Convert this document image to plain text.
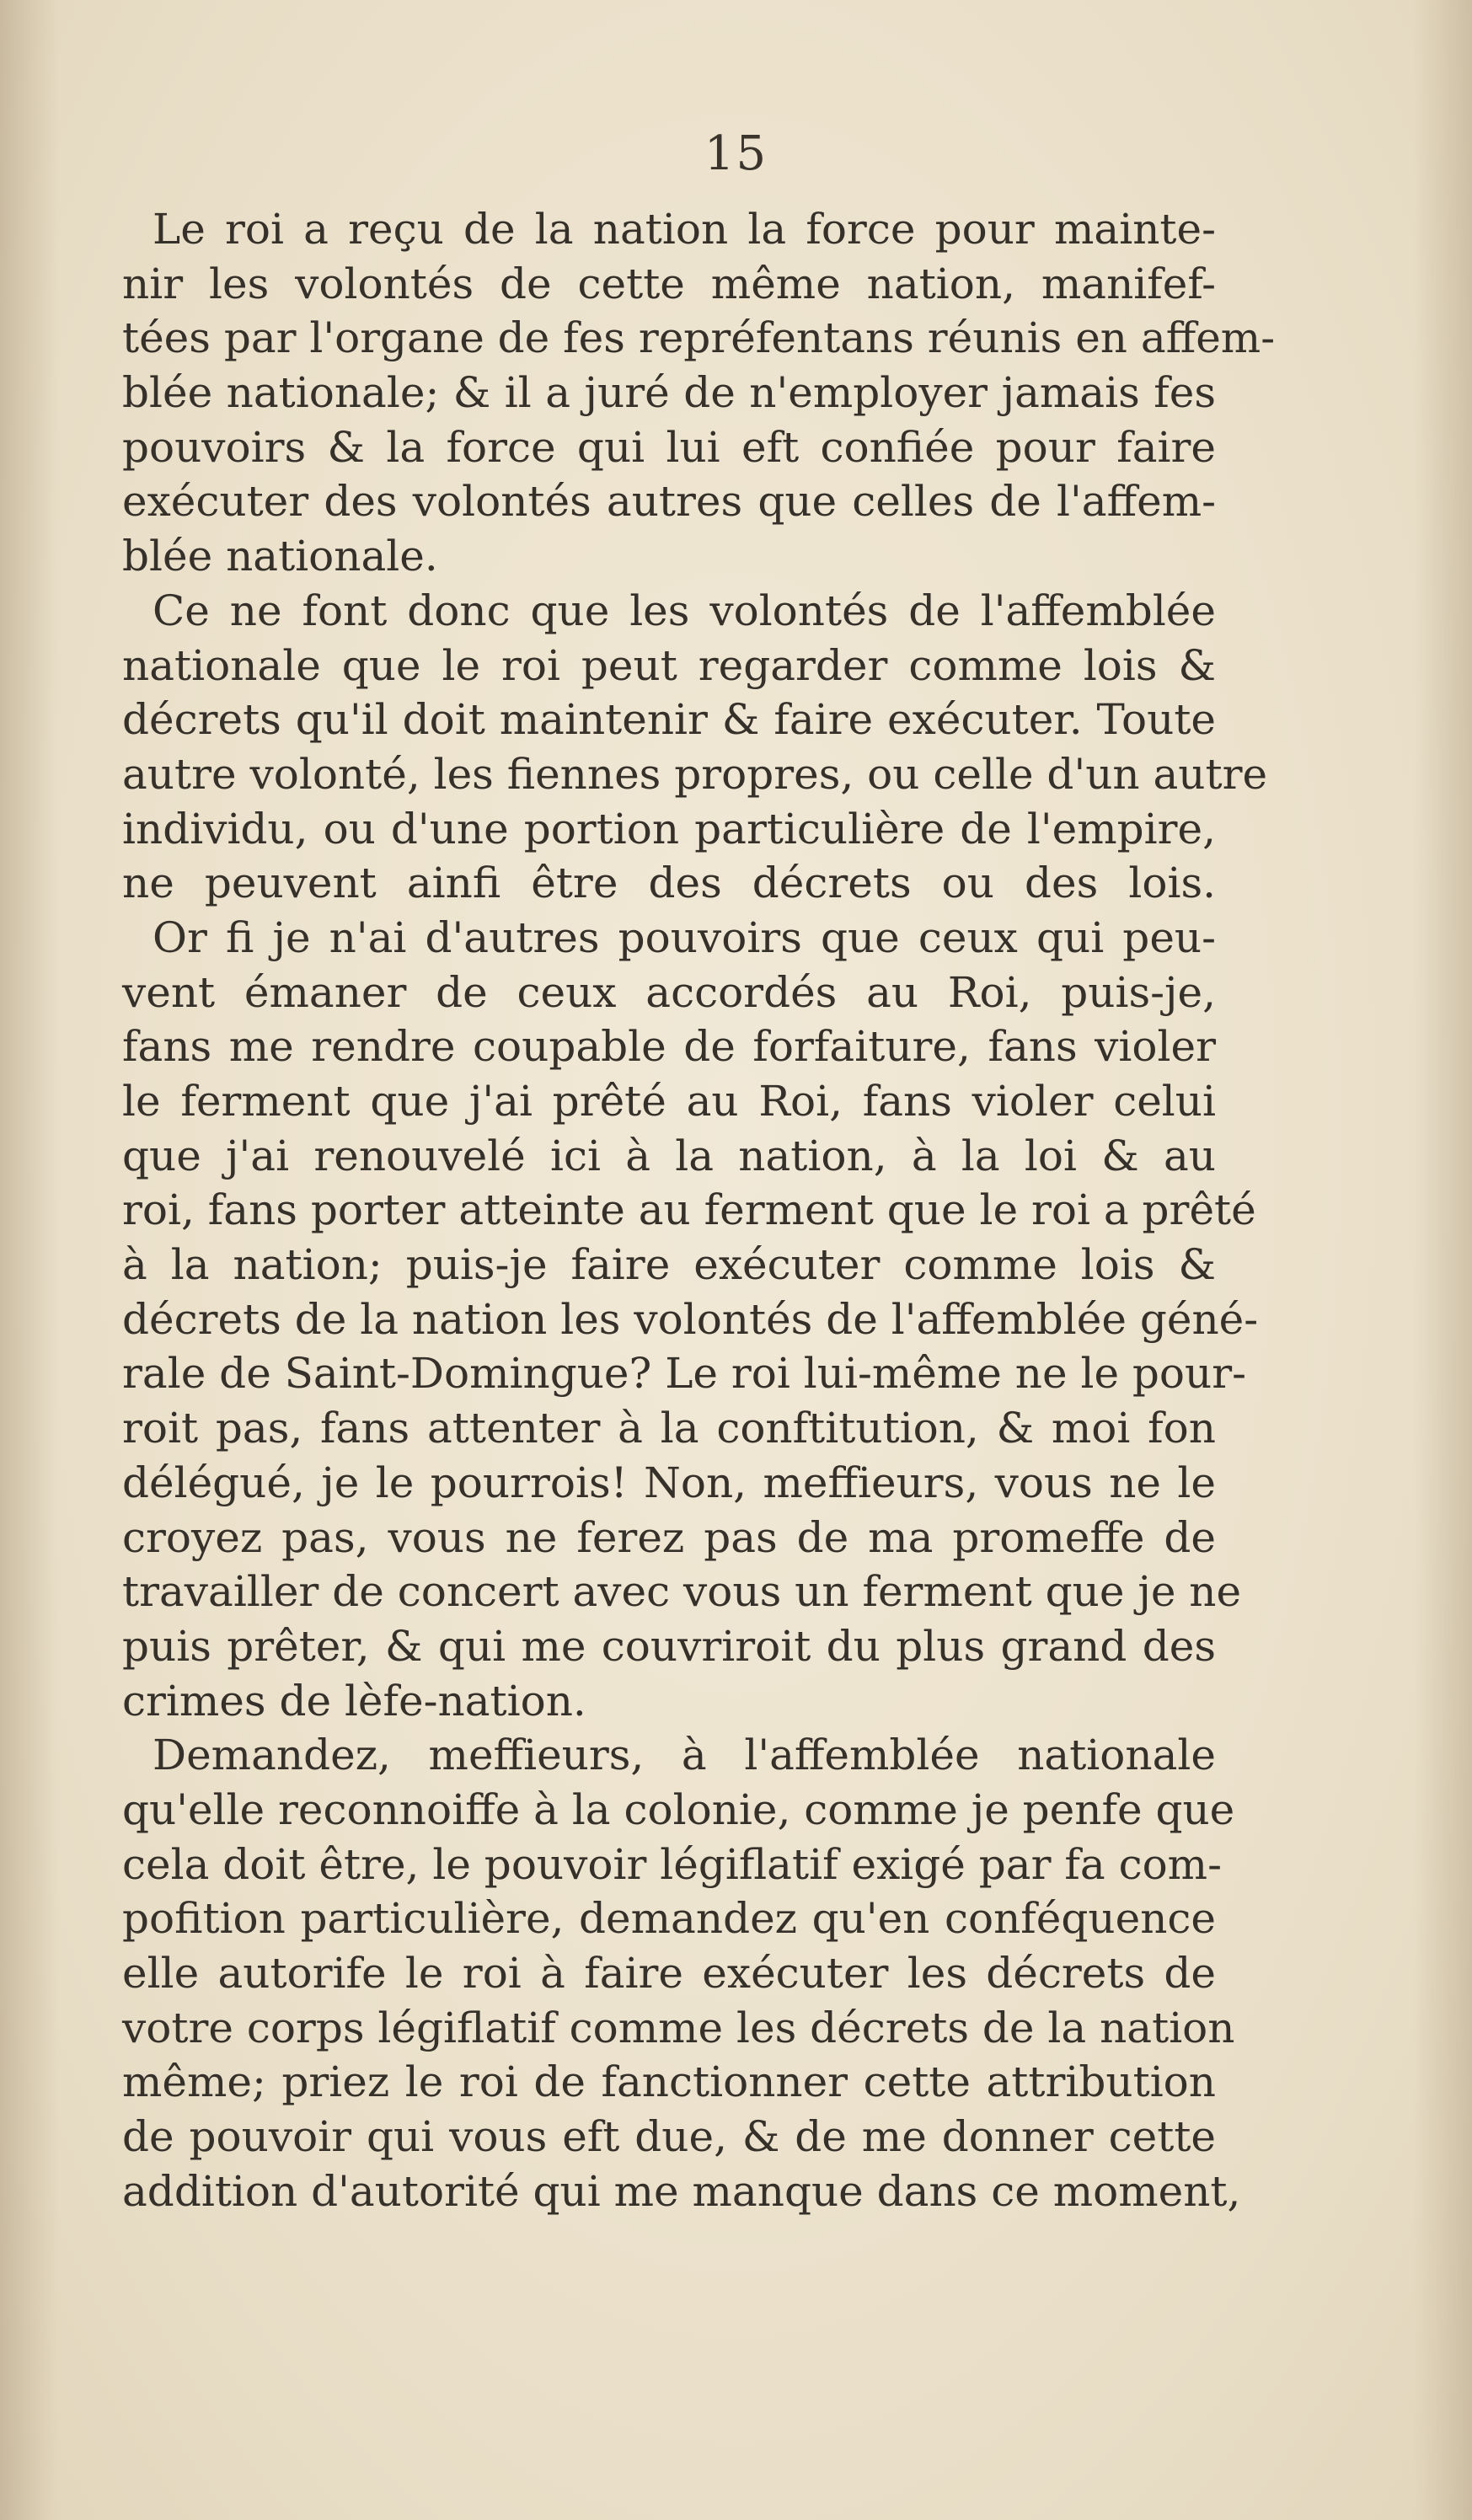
15
Le roi a reçu de la nation la force pour mainte-
nir les volontés de cette même nation, manifef-
tées par l'organe de fes repréfentans réunis en affem-
blée nationale; & il a juré de n'employer jamais fes
pouvoirs & la force qui lui eft confiée pour faire
exécuter des volontés autres que celles de l'affem-
blée nationale.
Ce ne font donc que les volontés de l'affemblée
nationale que le roi peut regarder comme lois &
décrets qu'il doit maintenir & faire exécuter. Toute
autre volonté, les fiennes propres, ou celle d'un autre
individu, ou d'une portion particulière de l'empire,
ne peuvent ainfi être des décrets ou des lois.
Or fi je n'ai d'autres pouvoirs que ceux qui peu-
vent émaner de ceux accordés au Roi, puis-je,
fans me rendre coupable de forfaiture, fans violer
le ferment que j'ai prêté au Roi, fans violer celui
que j'ai renouvelé ici à la nation, à la loi & au
roi, fans porter atteinte au ferment que le roi a prêté
à la nation; puis-je faire exécuter comme lois &
décrets de la nation les volontés de l'affemblée géné-
rale de Saint-Domingue? Le roi lui-même ne le pour-
roit pas, fans attenter à la conftitution, & moi fon
délégué, je le pourrois! Non, meffieurs, vous ne le
croyez pas, vous ne ferez pas de ma promeffe de
travailler de concert avec vous un ferment que je ne
puis prêter, & qui me couvriroit du plus grand des
crimes de lèfe-nation.
Demandez, meffieurs, à l'affemblée nationale
qu'elle reconnoiffe à la colonie, comme je penfe que
cela doit être, le pouvoir légiflatif exigé par fa com-
pofition particulière, demandez qu'en conféquence
elle autorife le roi à faire exécuter les décrets de
votre corps légiflatif comme les décrets de la nation
même; priez le roi de fanctionner cette attribution
de pouvoir qui vous eft due, & de me donner cette
addition d'autorité qui me manque dans ce moment,
